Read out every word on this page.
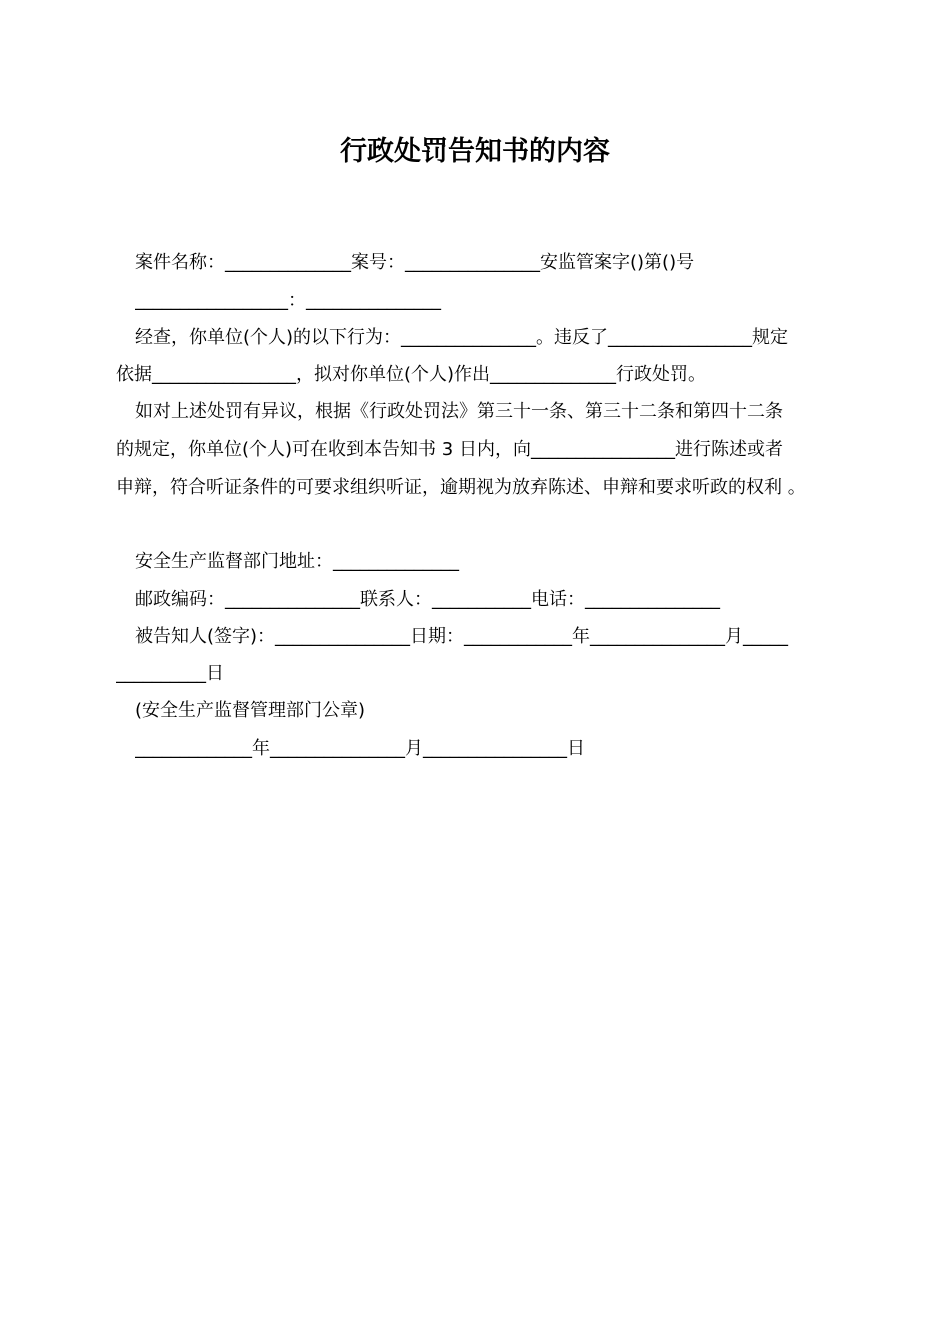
行政处罚告知书的内容
案件名称：______________案号：_______________安监管案字()第()号
_________________：_______________
经查，你单位(个人)的以下行为：_______________。违反了________________规定
依据________________，拟对你单位(个人)作出______________行政处罚。
如对上述处罚有异议，根据《行政处罚法》第三十一条、第三十二条和第四十二条
的规定，你单位(个人)可在收到本告知书 3 日内，向________________进行陈述或者
申辩，符合听证条件的可要求组织听证，逾期视为放弃陈述、申辩和要求听政的权利 。
安全生产监督部门地址：______________
邮政编码：_______________联系人：___________电话：_______________
被告知人(签字)：_______________日期：____________年_______________月_____
__________日
(安全生产监督管理部门公章)
_____________年_______________月________________日
